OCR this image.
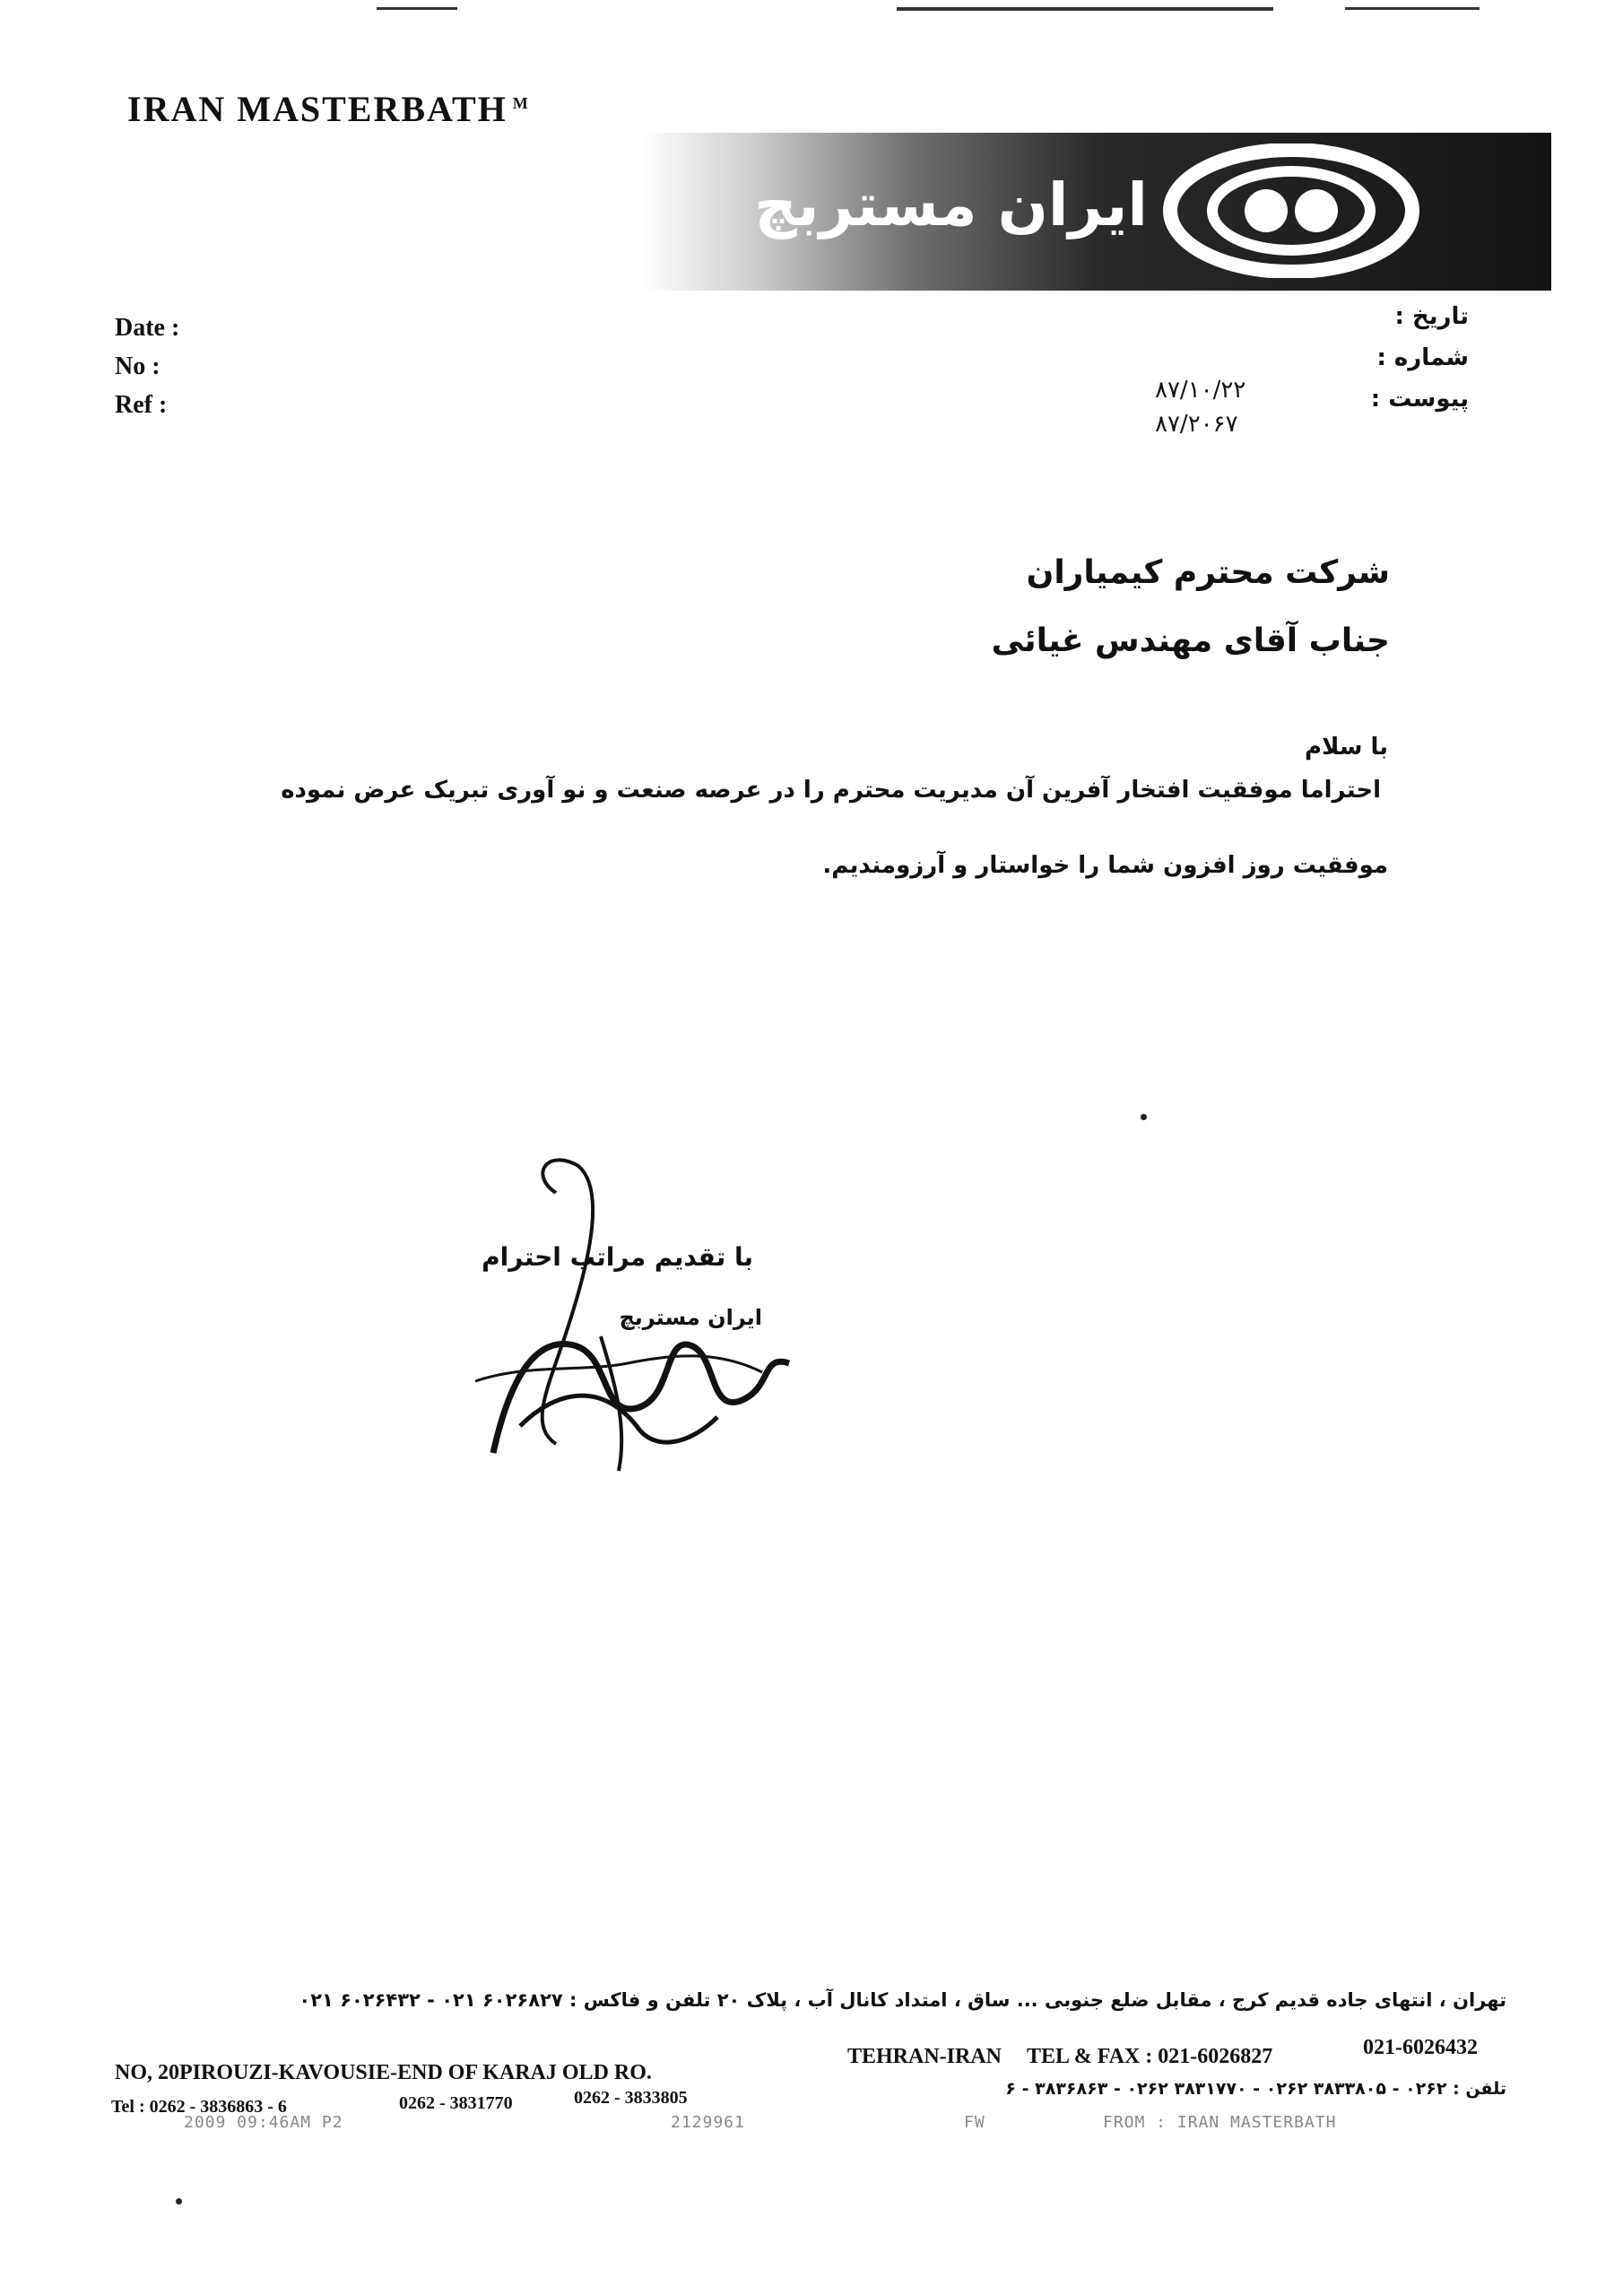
IRAN MASTERBATH $^M$
ایران مستربچ
Date :
No :
Ref :
تاریخ :
شماره :
پیوست :
۸۷/۱۰/۲۲
۸۷/۲۰۶۷
شرکت محترم کیمیاران
جناب آقای مهندس غیائی
با سلام
احتراما موفقیت افتخار آفرین آن مدیریت محترم را در عرصه صنعت و نو آوری تبریک عرض نموده
موفقیت روز افزون شما را خواستار و آرزومندیم.
با تقدیم مراتب احترام
ایران مستربچ
تهران ، انتهای جاده قدیم کرج ، مقابل ضلع جنوبی ... ساق ، امتداد کانال آب ، پلاک ۲۰ تلفن و فاکس : ۶۰۲۶۸۲۷ ۰۲۱ - ۶۰۲۶۴۳۲ ۰۲۱
NO, 20PIROUZI-KAVOUSIE-END OF KARAJ OLD RO.
TEHRAN-IRAN TEL & FAX : 021-6026827	021-6026432
Tel : 0262 - 3836863 - 6	0262 - 3831770	0262 - 3833805	تلفن : ۰۲۶۲ - ۳۸۳۳۸۰۵ ۰۲۶۲ - ۳۸۳۱۷۷۰ ۰۲۶۲ - ۳۸۳۶۸۶۳ - ۶
2009 09:46AM P2	2129961	FW	FROM : IRAN MASTERBATH
